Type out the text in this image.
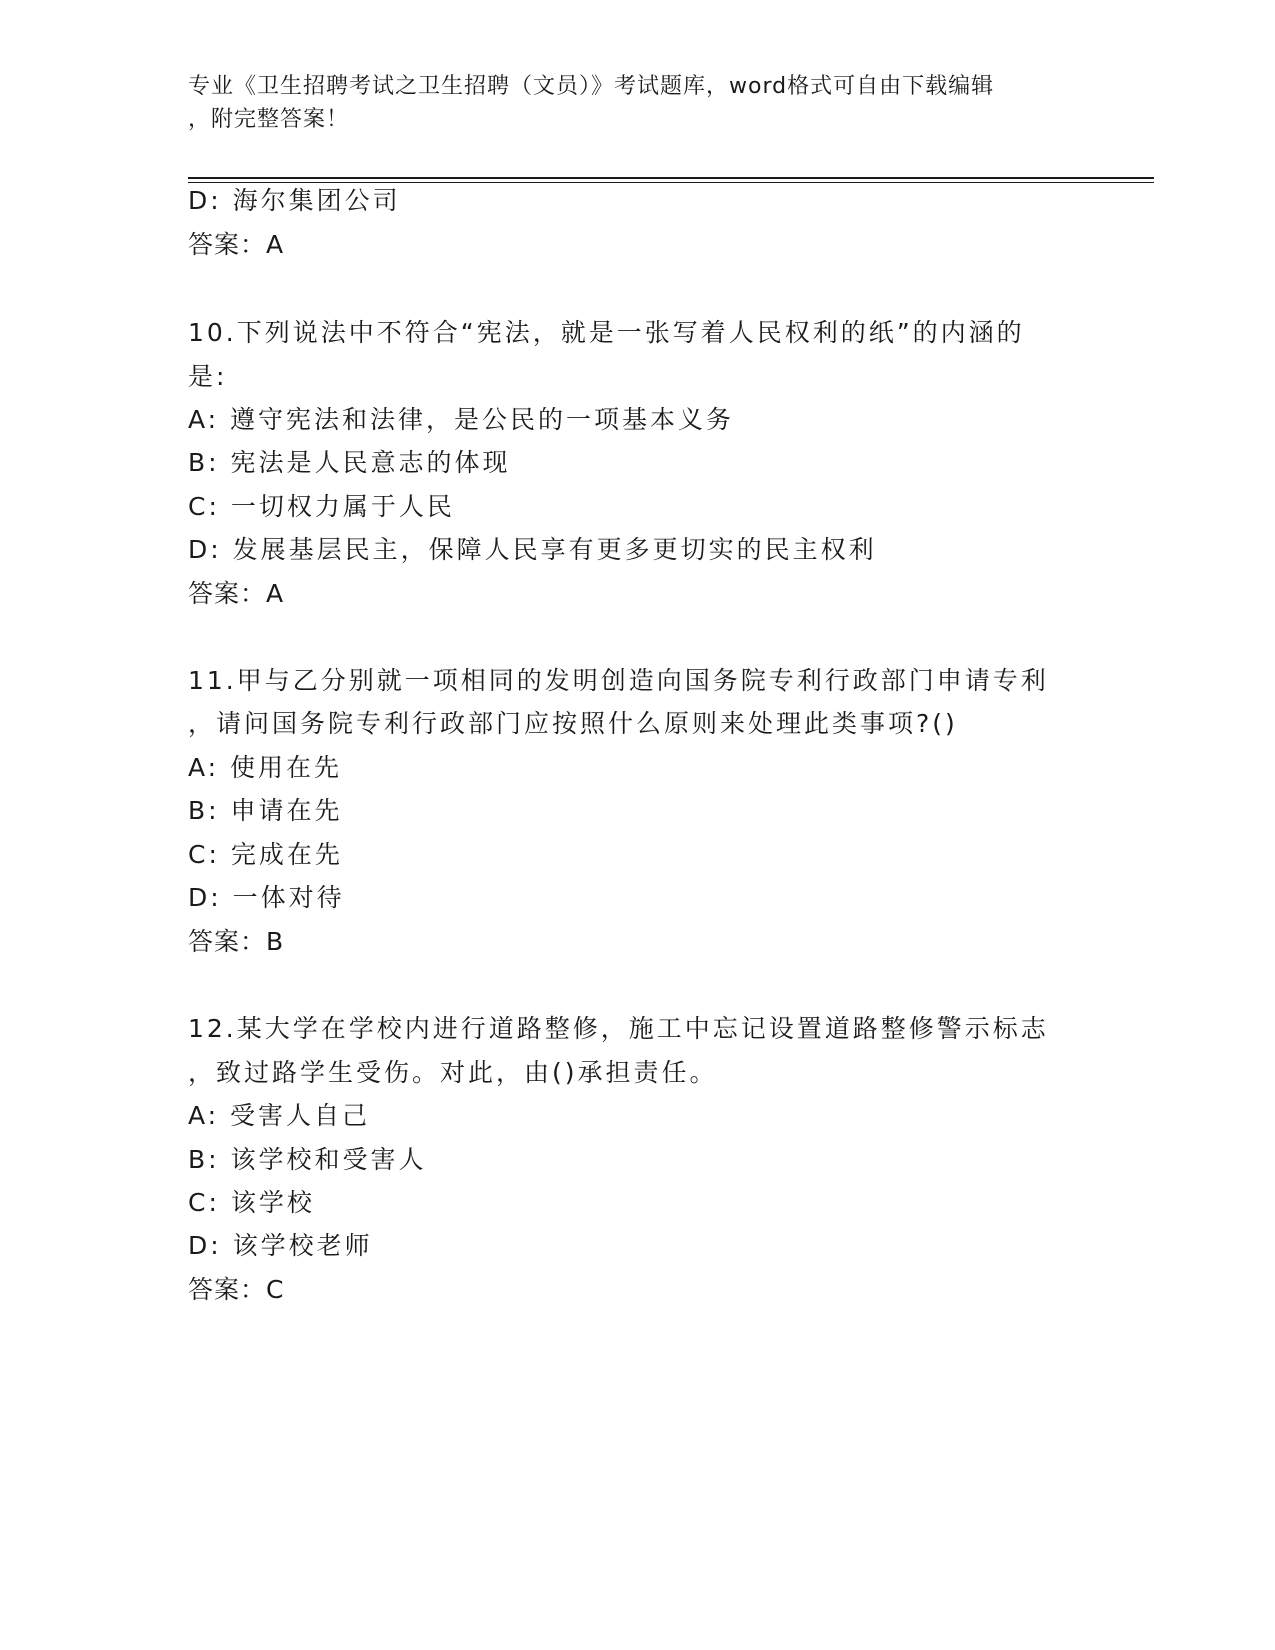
专业《卫生招聘考试之卫生招聘（文员）》考试题库，word格式可自由下载编辑
，附完整答案！
D: 海尔集团公司
答案：A
10.下列说法中不符合“宪法，就是一张写着人民权利的纸”的内涵的
是:
A: 遵守宪法和法律，是公民的一项基本义务
B: 宪法是人民意志的体现
C: 一切权力属于人民
D: 发展基层民主，保障人民享有更多更切实的民主权利
答案：A
11.甲与乙分别就一项相同的发明创造向国务院专利行政部门申请专利
，请问国务院专利行政部门应按照什么原则来处理此类事项?()
A: 使用在先
B: 申请在先
C: 完成在先
D: 一体对待
答案：B
12.某大学在学校内进行道路整修，施工中忘记设置道路整修警示标志
，致过路学生受伤。对此，由()承担责任。
A: 受害人自己
B: 该学校和受害人
C: 该学校
D: 该学校老师
答案：C
